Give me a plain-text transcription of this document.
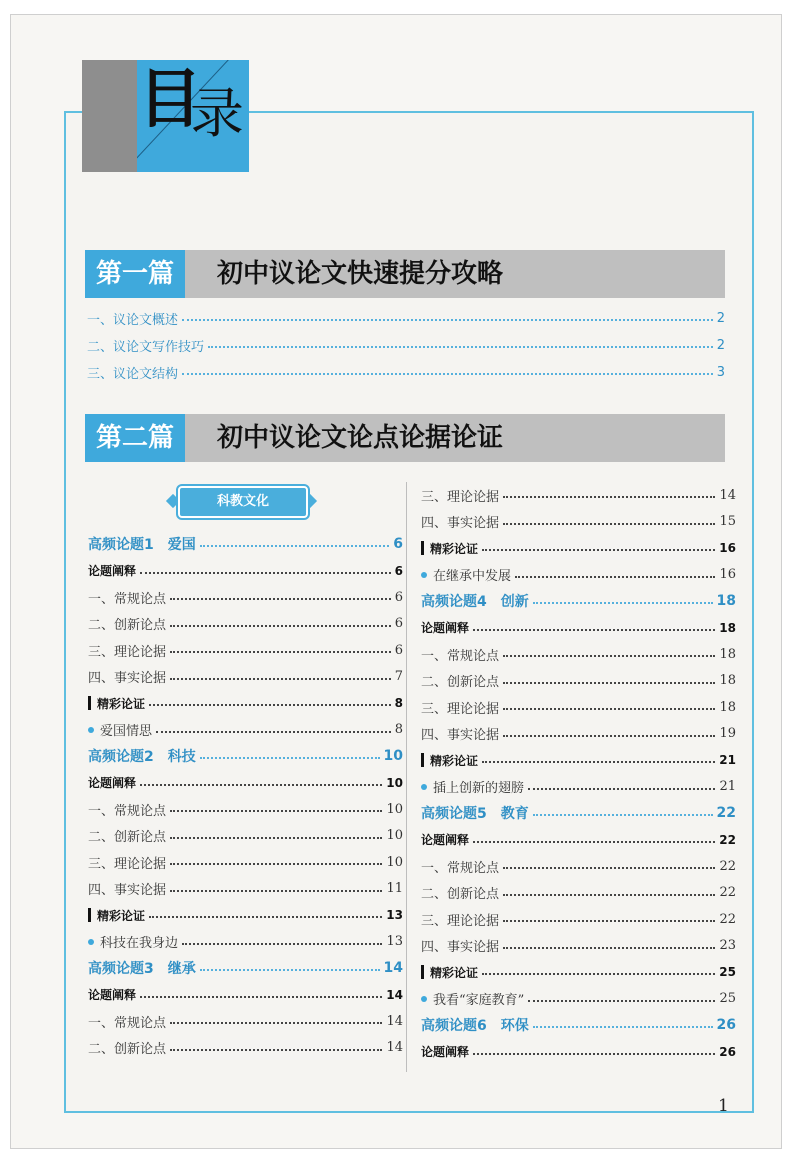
目
录
第一篇	初中议论文快速提分攻略
一、议论文概述	2
二、议论文写作技巧	2
三、议论文结构	3
第二篇	初中议论文论点论据论证
高频论题1　爱国	6
论题阐释	6
一、常规论点	6
二、创新论点	6
三、理论论据	6
四、事实论据	7
精彩论证	8
爱国情思	8
高频论题2　科技	10
论题阐释	10
一、常规论点	10
二、创新论点	10
三、理论论据	10
四、事实论据	11
精彩论证	13
科技在我身边	13
高频论题3　继承	14
论题阐释	14
一、常规论点	14
二、创新论点	14
三、理论论据	14
四、事实论据	15
精彩论证	16
在继承中发展	16
高频论题4　创新	18
论题阐释	18
一、常规论点	18
二、创新论点	18
三、理论论据	18
四、事实论据	19
精彩论证	21
插上创新的翅膀	21
高频论题5　教育	22
论题阐释	22
一、常规论点	22
二、创新论点	22
三、理论论据	22
四、事实论据	23
精彩论证	25
我看“家庭教育”	25
高频论题6　环保	26
论题阐释	26
科教文化
1
